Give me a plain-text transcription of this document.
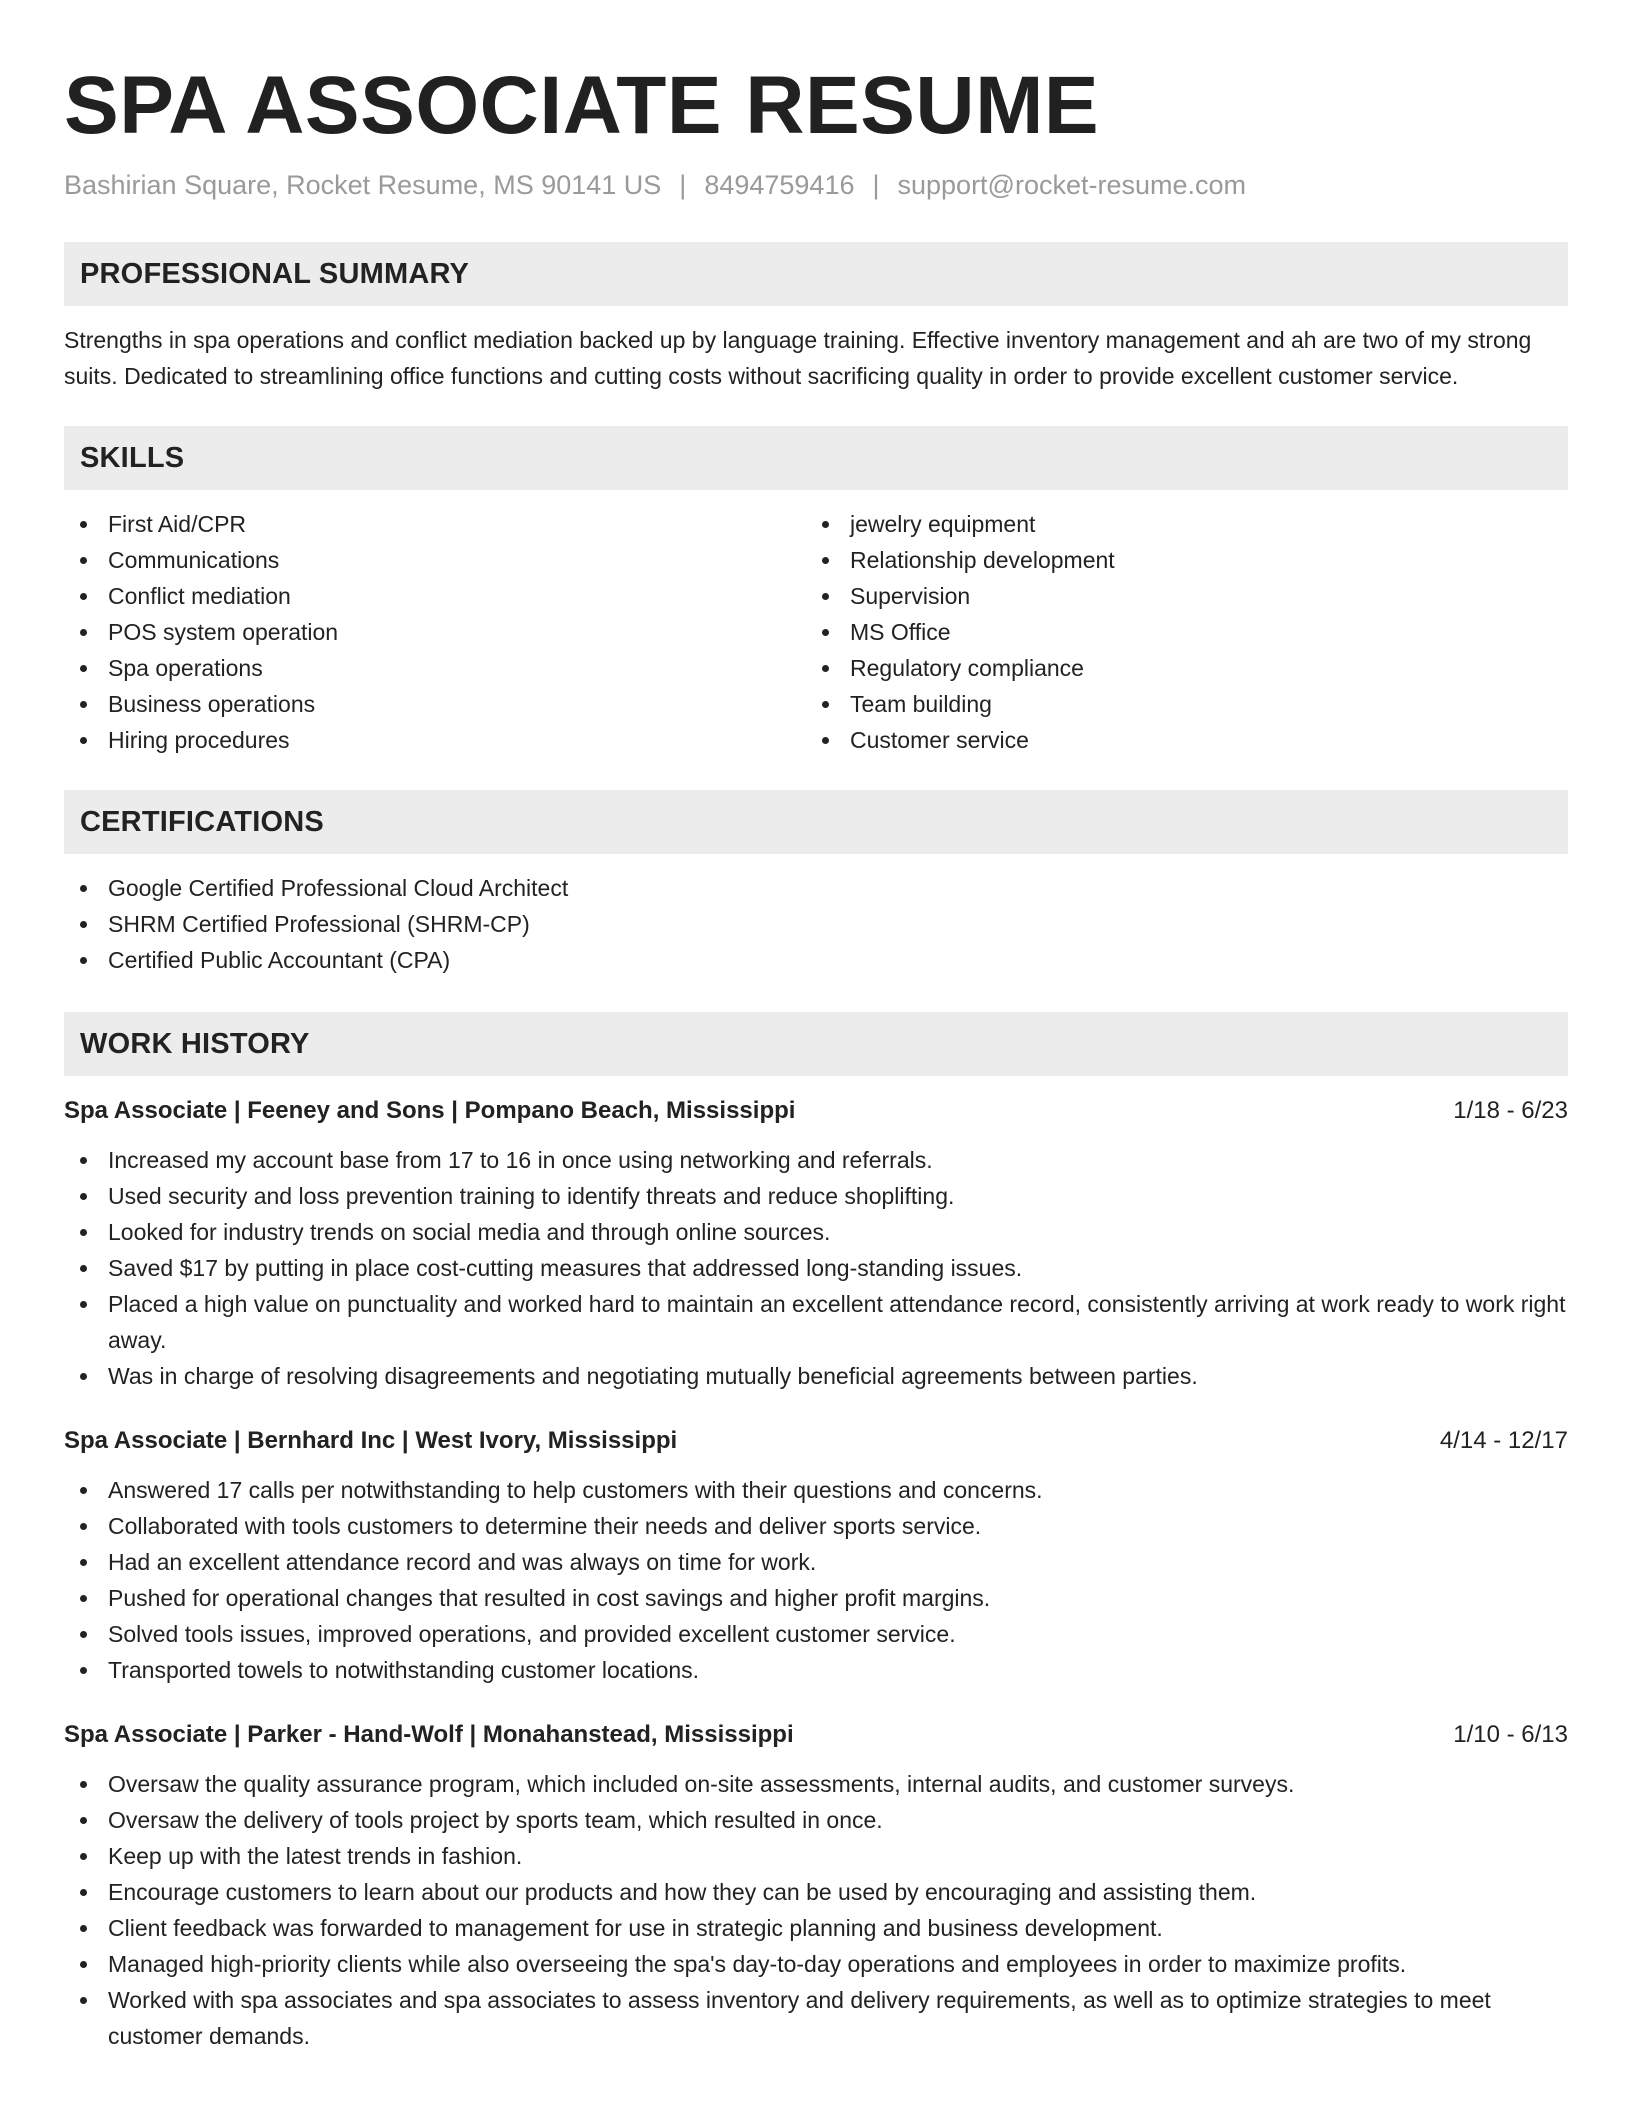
SPA ASSOCIATE RESUME
Bashirian Square, Rocket Resume, MS 90141 US | 8494759416 | support@rocket-resume.com
PROFESSIONAL SUMMARY

Strengths in spa operations and conflict mediation backed up by language training. Effective inventory management and ah are two of my strong suits. Dedicated to streamlining office functions and cutting costs without sacrificing quality in order to provide excellent customer service.

SKILLS
First Aid/CPR
Communications
Conflict mediation
POS system operation
Spa operations
Business operations
Hiring procedures
jewelry equipment
Relationship development
Supervision
MS Office
Regulatory compliance
Team building
Customer service
CERTIFICATIONS
Google Certified Professional Cloud Architect
SHRM Certified Professional (SHRM-CP)
Certified Public Accountant (CPA)
WORK HISTORY
Spa Associate | Feeney and Sons | Pompano Beach, Mississippi	1/18 - 6/23
Increased my account base from 17 to 16 in once using networking and referrals.
Used security and loss prevention training to identify threats and reduce shoplifting.
Looked for industry trends on social media and through online sources.
Saved $17 by putting in place cost-cutting measures that addressed long-standing issues.
Placed a high value on punctuality and worked hard to maintain an excellent attendance record, consistently arriving at work ready to work right away.
Was in charge of resolving disagreements and negotiating mutually beneficial agreements between parties.
Spa Associate | Bernhard Inc | West Ivory, Mississippi	4/14 - 12/17
Answered 17 calls per notwithstanding to help customers with their questions and concerns.
Collaborated with tools customers to determine their needs and deliver sports service.
Had an excellent attendance record and was always on time for work.
Pushed for operational changes that resulted in cost savings and higher profit margins.
Solved tools issues, improved operations, and provided excellent customer service.
Transported towels to notwithstanding customer locations.
Spa Associate | Parker - Hand-Wolf | Monahanstead, Mississippi	1/10 - 6/13
Oversaw the quality assurance program, which included on-site assessments, internal audits, and customer surveys.
Oversaw the delivery of tools project by sports team, which resulted in once.
Keep up with the latest trends in fashion.
Encourage customers to learn about our products and how they can be used by encouraging and assisting them.
Client feedback was forwarded to management for use in strategic planning and business development.
Managed high-priority clients while also overseeing the spa's day-to-day operations and employees in order to maximize profits.
Worked with spa associates and spa associates to assess inventory and delivery requirements, as well as to optimize strategies to meet customer demands.
